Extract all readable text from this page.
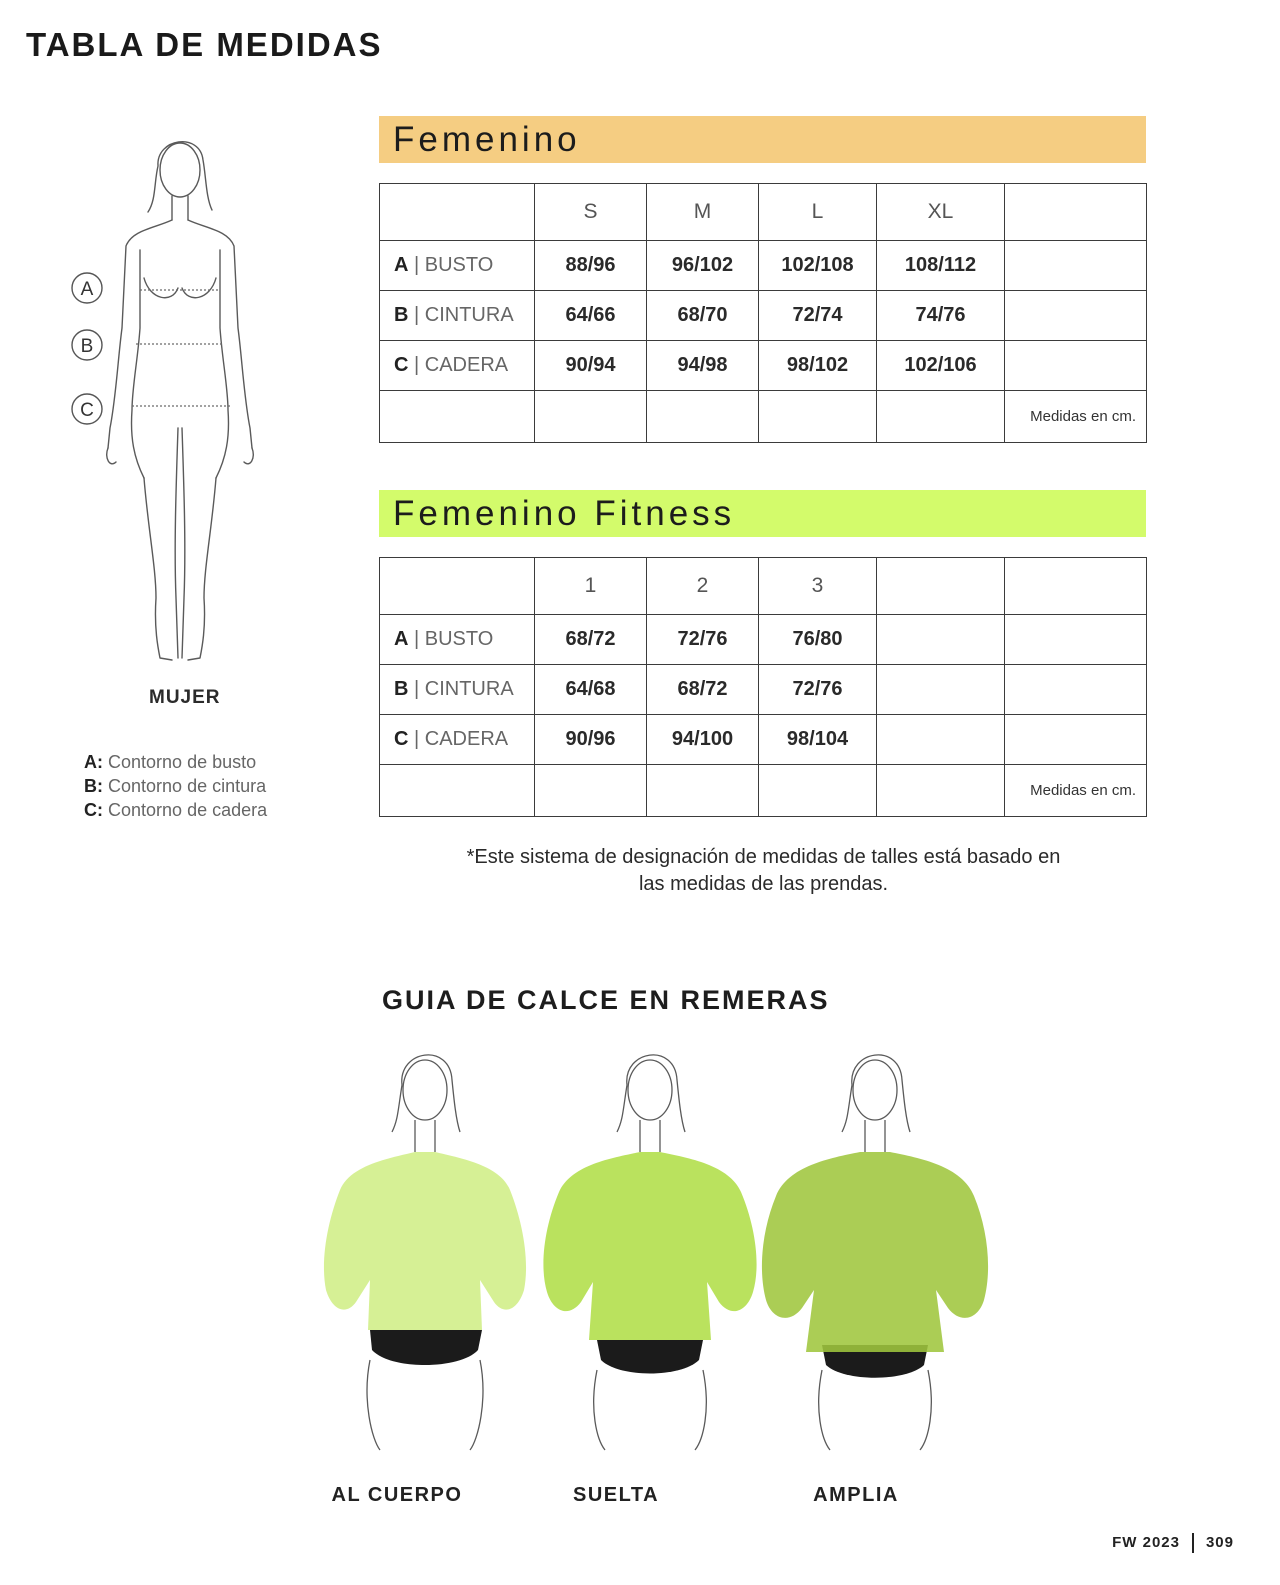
TABLA DE MEDIDAS
A
B
C
MUJER
A: Contorno de busto
B: Contorno de cintura
C: Contorno de cadera
Femenino
	S	M	L	XL	
A | BUSTO	88/96	96/102	102/108	108/112	
B | CINTURA	64/66	68/70	72/74	74/76	
C | CADERA	90/94	94/98	98/102	102/106	
					Medidas en cm.
Femenino Fitness
	1	2	3		
A | BUSTO	68/72	72/76	76/80		
B | CINTURA	64/68	68/72	72/76		
C | CADERA	90/96	94/100	98/104		
					Medidas en cm.
*Este sistema de designación de medidas de talles está basado en
las medidas de las prendas.
GUIA DE CALCE EN REMERAS
AL CUERPO	SUELTA	AMPLIA
FW 2023 309
